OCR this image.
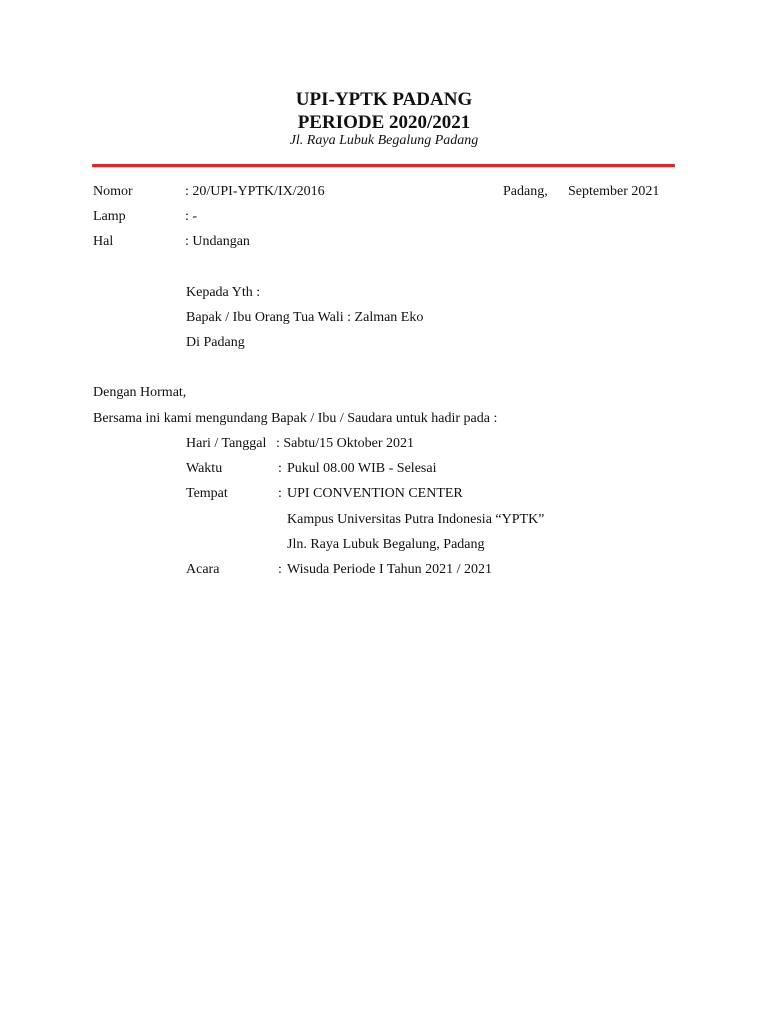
UPI-YPTK PADANG
PERIODE 2020/2021
Jl. Raya Lubuk Begalung Padang
Nomor	: 20/UPI-YPTK/IX/2016	Padang, September 2021
Lamp	: -
Hal	: Undangan
Kepada Yth :
Bapak / Ibu Orang Tua Wali : Zalman Eko
Di Padang
Dengan Hormat,
Bersama ini kami mengundang Bapak / Ibu / Saudara untuk hadir pada :
Hari / Tanggal : Sabtu/15 Oktober 2021
Waktu	: Pukul 08.00 WIB - Selesai
Tempat	: UPI CONVENTION CENTER
Kampus Universitas Putra Indonesia “YPTK”
Jln. Raya Lubuk Begalung, Padang
Acara	: Wisuda Periode I Tahun 2021 / 2021
